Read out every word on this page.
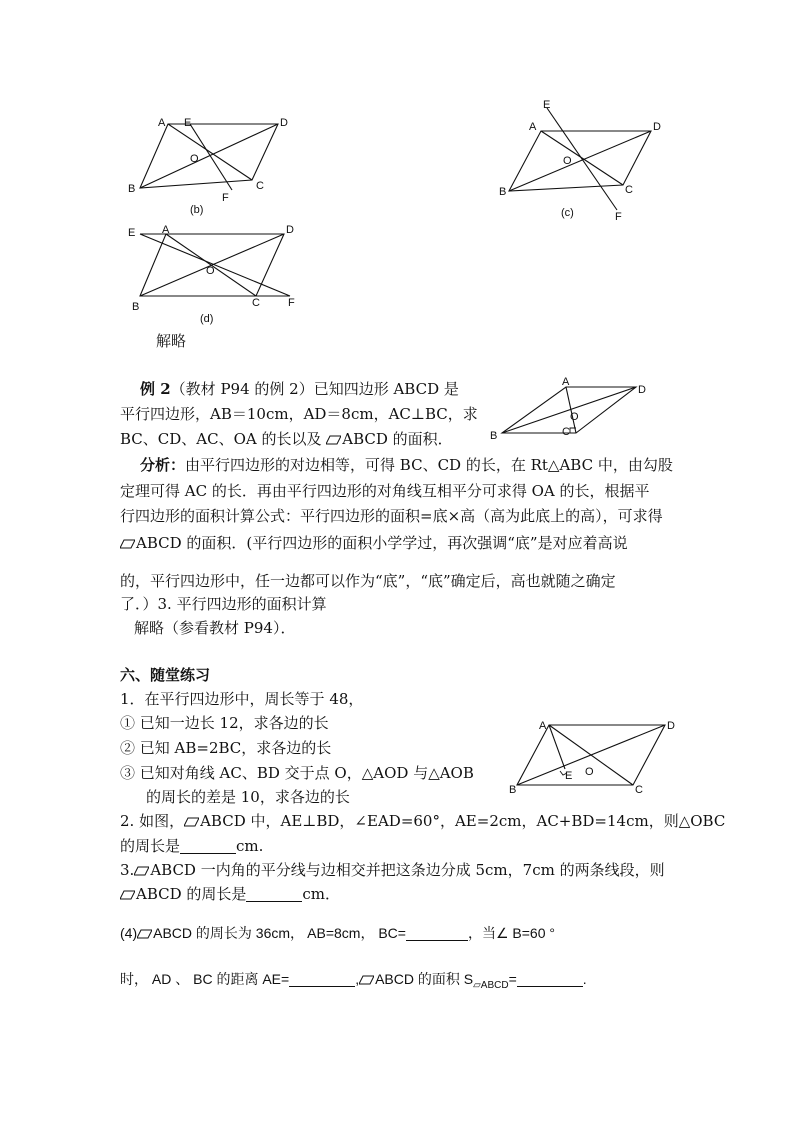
A E	D
O
B	C
F
(b)
E
A	D
O
B	C
F
(c)
E A	D
O
B	C	F
(d)
解略
例 2（教材 P94 的例 2）已知四边形 ABCD 是
平行四边形，AB＝10cm，AD＝8cm，AC⊥BC，求
BC、CD、AC、OA 的长以及 ABCD 的面积．
A
D
O
B	C
分析：由平行四边形的对边相等，可得 BC、CD 的长，在 Rt△ABC 中，由勾股
定理可得 AC 的长．再由平行四边形的对角线互相平分可求得 OA 的长，根据平
行四边形的面积计算公式：平行四边形的面积=底×高（高为此底上的高），可求得
ABCD 的面积．(平行四边形的面积小学学过，再次强调“底”是对应着高说
的，平行四边形中，任一边都可以作为“底”，“底”确定后，高也就随之确定
了．）3. 平行四边形的面积计算
解略（参看教材 P94）．
六、随堂练习
1．在平行四边形中，周长等于 48，
① 已知一边长 12，求各边的长
② 已知 AB=2BC，求各边的长
③ 已知对角线 AC、BD 交于点 O，△AOD 与△AOB
的周长的差是 10，求各边的长
A	D
E O
B	C
2. 如图， ABCD 中，AE⊥BD，∠EAD=60°，AE=2cm，AC+BD=14cm，则△OBC
的周长是	cm.
3. ABCD 一内角的平分线与边相交并把这条边分成 5cm，7cm 的两条线段，则
ABCD 的周长是	cm．
(4) ABCD 的周长为 36cm， AB=8cm， BC=	，当∠ B=60 °
时， AD 、 BC 的距离 AE=	, ABCD 的面积 $S_{▱ABCD}=$	.
